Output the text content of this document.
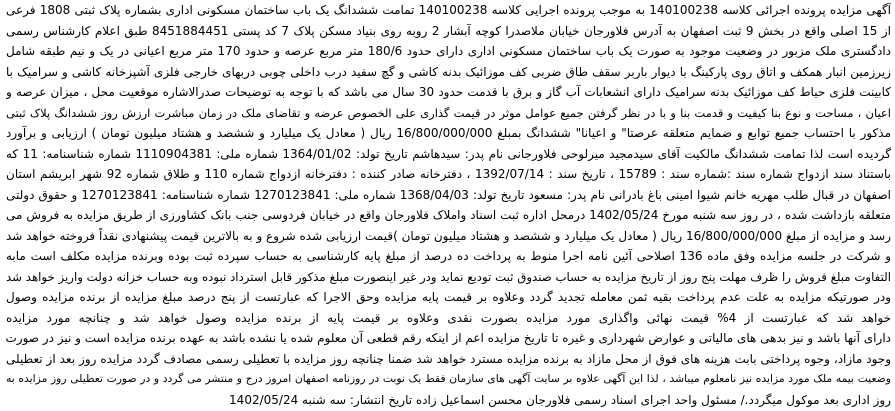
آگهی مزایده پرونده اجرائی کلاسه 140100238 به موجب پرونده اجرایی کلاسه 140100238 تمامت ششدانگ یک باب ساختمان مسکونی اداری بشماره پلاک ثبتی 1808 فرعی
از 15 اصلی واقع در بخش 9 ثبت اصفهان به آدرس فلاورجان خیابان ملاصدرا کوچه آبشار 2 روبه روی بنیاد مسکن پلاک 7 کد پستی 8451884451 طبق اعلام کارشناس رسمی
دادگستری ملک مزبور در وضعیت موجود به صورت یک باب ساختمان مسکونی اداری دارای حدود 180/6 متر مربع عرصه و حدود 170 متر مربع اعیانی در یک و نیم طبقه شامل
زیرزمین انبار همکف و اتاق روی پارکینگ با دیوار باربر سقف طاق ضربی کف موزائیک بدنه کاشی و گچ سفید درب داخلی چوبی دربهای خارجی فلزی آشپزخانه کاشی و سرامیک با
کابینت فلزی حیاط کف موزائیک بدنه سرامیک دارای انشعابات آب گاز و برق با قدمت حدود 30 سال می باشد که با توجه به توضیحات صدرالاشاره موقعیت محل ، میزان عرصه و
اعیان ، مساحت و نوع بنا کیفیت و قدمت بنا و با در نظر گرفتن جمیع عوامل موثر در قیمت گذاری علی الخصوص عرضه و تقاضای ملک در زمان مباشرت ارزش روز ششدانگ پلاک ثبتی
مذکور با احتساب جمیع توابع و ضمایم متعلقه عرصتا" و اعیانا" ششدانگ بمبلغ 16/800/000/000 ریال ( معادل یک میلیارد و ششصد و هشتاد میلیون تومان ) ارزیابی و برآورد
گردیده است لذا تمامت ششدانگ مالکیت آقای سیدمجید میرلوحی فلاورجانی نام پدر: سیدهاشم تاریخ تولد: 1364/01/02 شماره ملی: 1110904381 شماره شناسنامه: 11 که
باستناد سند ازدواج شماره سند :شماره سند : 15789 ، تاریخ سند : 1392/07/14 ، دفترخانه صادر کننده : دفترخانه ازدواج شماره 110 و طلاق شماره 92 شهر ابریشم استان
اصفهان در قبال طلب مهریه خانم شیوا امینی باغ بادرانی نام پدر: مسعود تاریخ تولد: 1368/04/03 شماره ملی: 1270123841 شماره شناسنامه: 1270123841 و حقوق دولتی
متعلقه بازداشت شده ، در روز سه شنبه مورخ 1402/05/24 درمحل اداره ثبت اسناد واملاک فلاورجان واقع در خیابان فردوسی جنب بانک کشاورزی از طریق مزایده به فروش می
رسد و مزایده از مبلغ 16/800/000/000 ریال ( معادل یک میلیارد و ششصد و هشتاد میلیون تومان )قیمت ارزیابی شده شروع و به بالاترین قیمت پیشنهادی نقداً فروخته خواهد شد
و شرکت در جلسه مزایده وفق ماده 136 اصلاحی آئین نامه اجرا منوط به پرداخت ده درصد از مبلغ پایه کارشناسی به حساب سپرده ثبت بوده وبرنده مزایده مکلف است مابه
التفاوت مبلغ فروش را ظرف مهلت پنج روز از تاریخ مزایده به حساب صندوق ثبت تودیع نماید ودر غیر اینصورت مبلغ مذکور قابل استرداد نبوده وبه حساب خزانه دولت واریز خواهد شد
ودر صورتیکه مزایده به علت عدم پرداخت بقیه ثمن معامله تجدید گردد وعلاوه بر قیمت پایه مزایده وحق الاجرا که عبارتست از پنج درصد مبلغ مزایده از برنده مزایده وصول
خواهد شد که عبارتست از 4% قیمت نهائی واگذاری مورد مزایده بصورت نقدی وعلاوه بر قیمت پایه از برنده مزایده وصول خواهد شد و چنانچه مورد مزایده
دارای آنها باشد و نیز بدهی های مالیاتی و عوارض شهرداری و غیره تا تاریخ مزایده اعم از اینکه رقم قطعی آن معلوم شده یا نشده باشد به عهده برنده مزایده است و نیز در صورت
وجود مازاد، وجوه پرداختی بابت هزینه های فوق از محل مازاد به برنده مزایده مسترد خواهد شد ضمنا چنانچه روز مزایده با تعطیلی رسمی مصادف گردد مزایده روز بعد از تعطیلی
وضعیت بیمه ملک مورد مزایده نیز نامعلوم میباشد ، لذا این آگهی علاوه بر سایت آگهی های سازمان فقط یک نوبت در روزنامه اصفهان امروز درج و منتشر می گردد و در صورت تعطیلی روز مزایده به
روز اداری بعد موکول میگردد./ مسئول واحد اجرای اسناد رسمی فلاورجان محسن اسماعیل زاده تاریخ انتشار: سه شنبه 1402/05/24
